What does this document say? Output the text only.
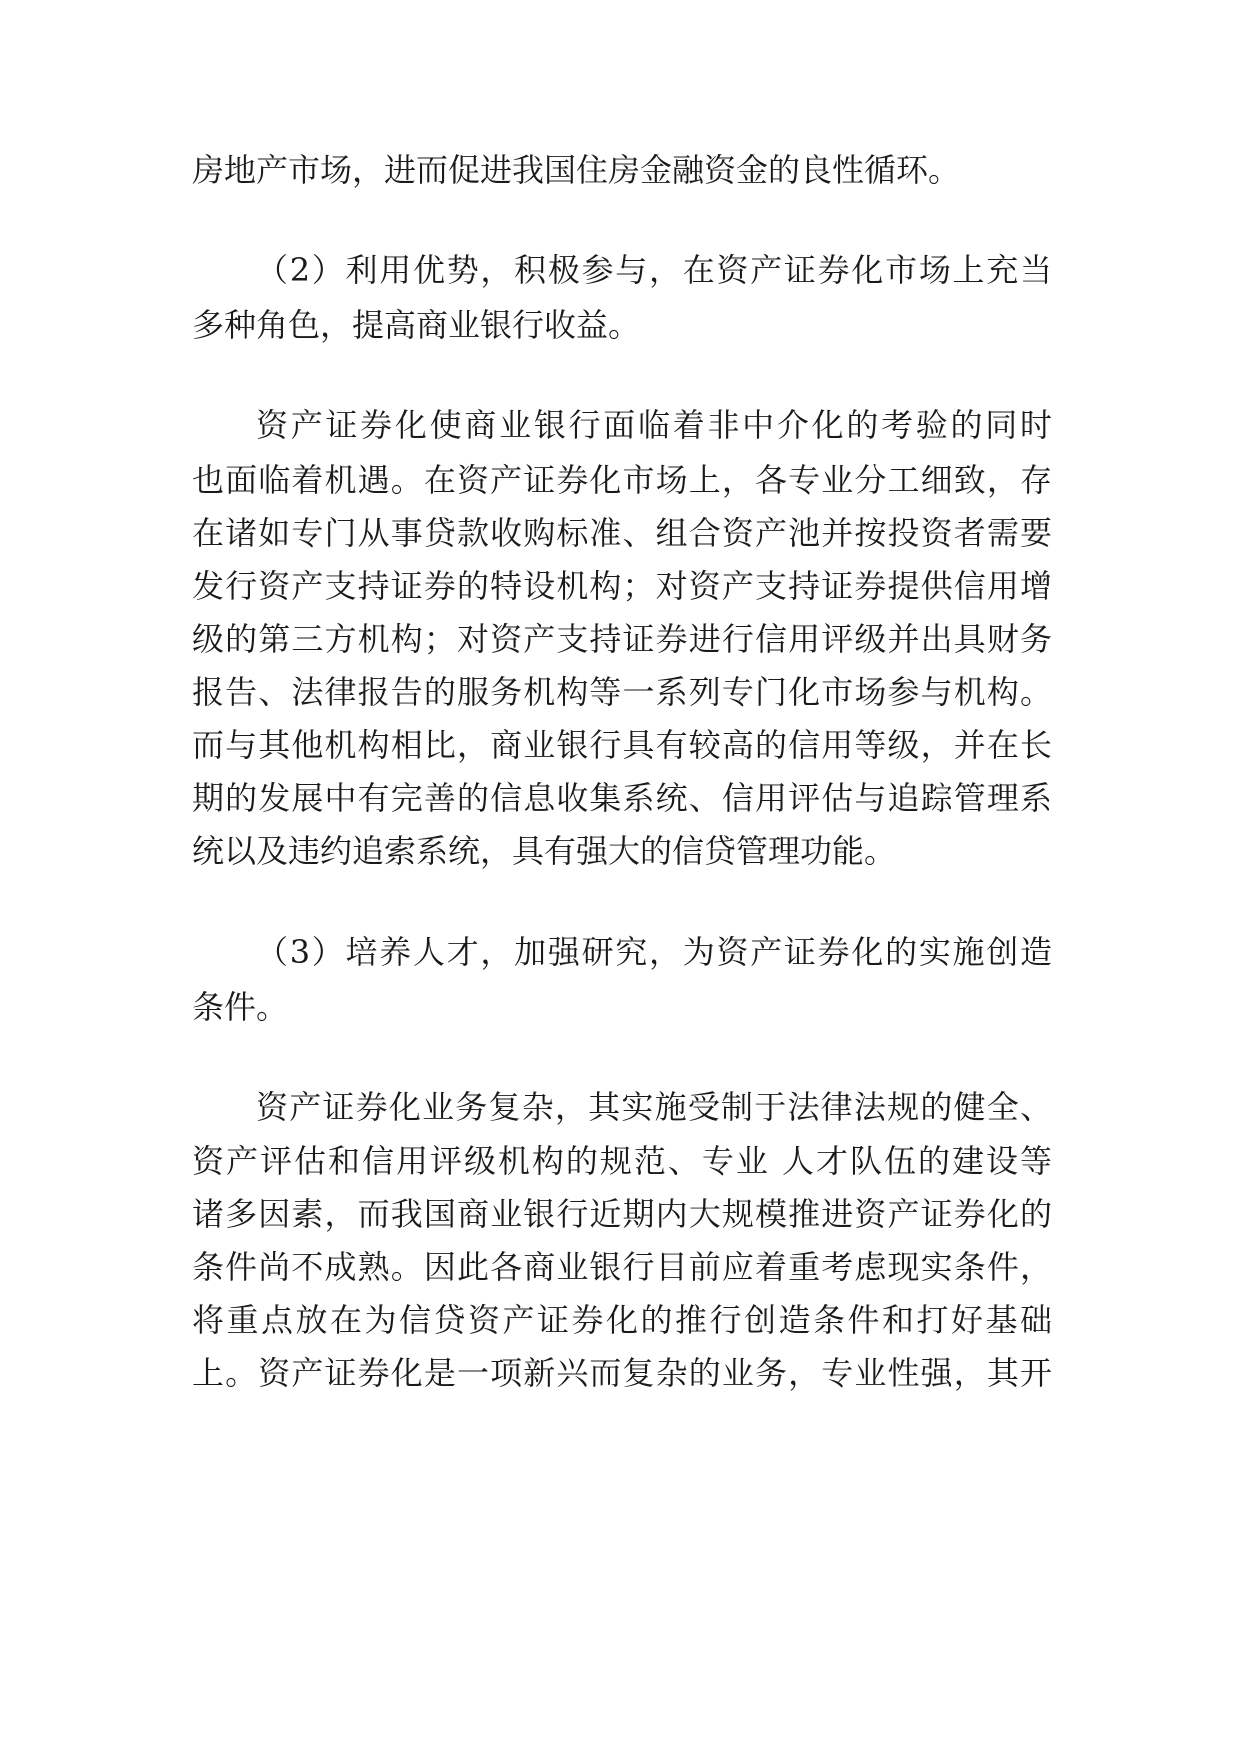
房地产市场，进而促进我国住房金融资金的良性循环。
（2）利用优势，积极参与，在资产证券化市场上充当
多种角色，提高商业银行收益。
资产证券化使商业银行面临着非中介化的考验的同时
也面临着机遇。在资产证券化市场上，各专业分工细致，存
在诸如专门从事贷款收购标准、组合资产池并按投资者需要
发行资产支持证券的特设机构；对资产支持证券提供信用增
级的第三方机构；对资产支持证券进行信用评级并出具财务
报告、法律报告的服务机构等一系列专门化市场参与机构。
而与其他机构相比，商业银行具有较高的信用等级，并在长
期的发展中有完善的信息收集系统、信用评估与追踪管理系
统以及违约追索系统，具有强大的信贷管理功能。
（3）培养人才，加强研究，为资产证券化的实施创造
条件。
资产证券化业务复杂，其实施受制于法律法规的健全、
资产评估和信用评级机构的规范、专业 人才队伍的建设等
诸多因素，而我国商业银行近期内大规模推进资产证券化的
条件尚不成熟。因此各商业银行目前应着重考虑现实条件，
将重点放在为信贷资产证券化的推行创造条件和打好基础
上。资产证券化是一项新兴而复杂的业务，专业性强，其开
